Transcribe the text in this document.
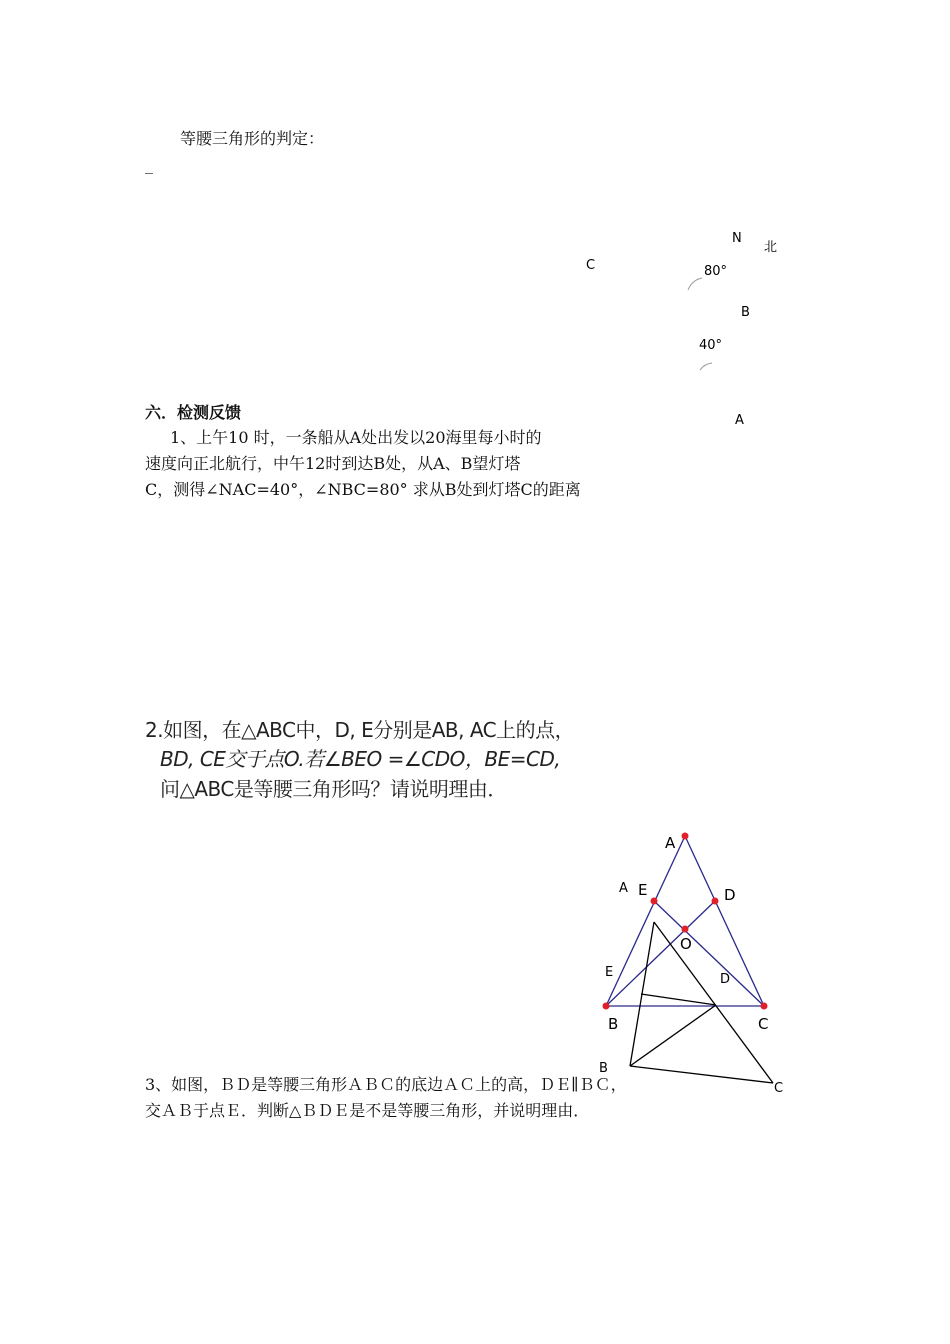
等腰三角形的判定：
_
N
北
C	80°
B
40°
A
六．检测反馈
1、上午10 时，一条船从A处出发以20海里每小时的
速度向正北航行，中午12时到达B处，从A、B望灯塔
C，测得∠NAC=40°，∠NBC=80° 求从B处到灯塔C的距离
2.如图，在△ABC中，D, E分别是AB, AC上的点，
BD, CE交于点O.若∠BEO =∠CDO，BE=CD,
问△ABC是等腰三角形吗？请说明理由．
A
E	D
O
B	C
A
E	D
B
C
3、如图，ＢＤ是等腰三角形ＡＢＣ的底边ＡＣ上的高，ＤＥ∥ＢＣ，
交ＡＢ于点Ｅ．判断△ＢＤＥ是不是等腰三角形，并说明理由．
